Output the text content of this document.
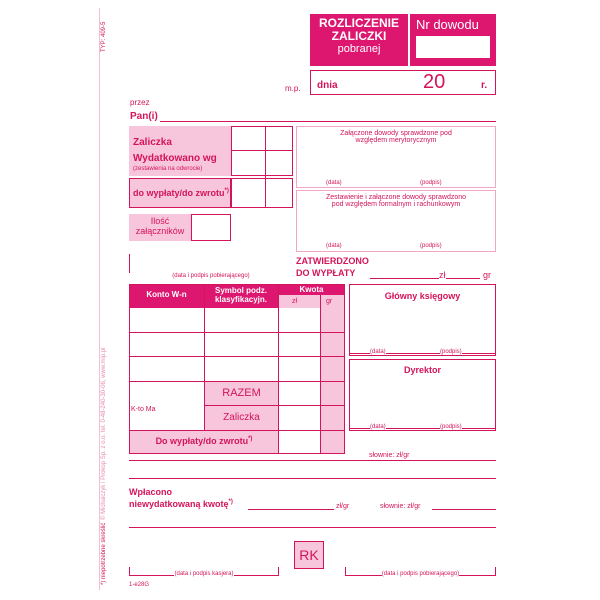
TYP: 409-5
© Michalczyk i Prokop Sp. z o.o. tel. 0-48-240-30-06, www.mip.pl
*) niepotrzebne skreślić
ROZLICZENIE
ZALICZKI
pobranej
Nr dowodu
m.p. dnia	20	r.
przez
Pan(i)
Zaliczka
Wydatkowano wg
(zestawienia na odwrocie)
do wypłaty/do zwrotu*)
Ilość
załączników
(data i podpis pobierającego)
Załączone dowody sprawdzone pod
względem merytorycznym
(data)	(podpis)
Zestawienie i załączone dowody sprawdzono
pod względem formalnym i rachunkowym
(data)	(podpis)
ZATWIERDZONO
DO WYPŁATY	zł	gr
Konto W-n	Symbol podz. klasyfikacyjn.
Kwota
zł	gr
RAZEM
Zaliczka
K-to Ma
Do wypłaty/do zwrotu*)
Główny księgowy
(data)	(podpis)
Dyrektor
(data)	(podpis)
słownie: zł/gr
Wpłacono
niewydatkowaną kwotę*)
zł/gr	słownie: zł/gr
RK
(data i podpis kasjera)	(data i podpis pobierającego)
1-e28G
